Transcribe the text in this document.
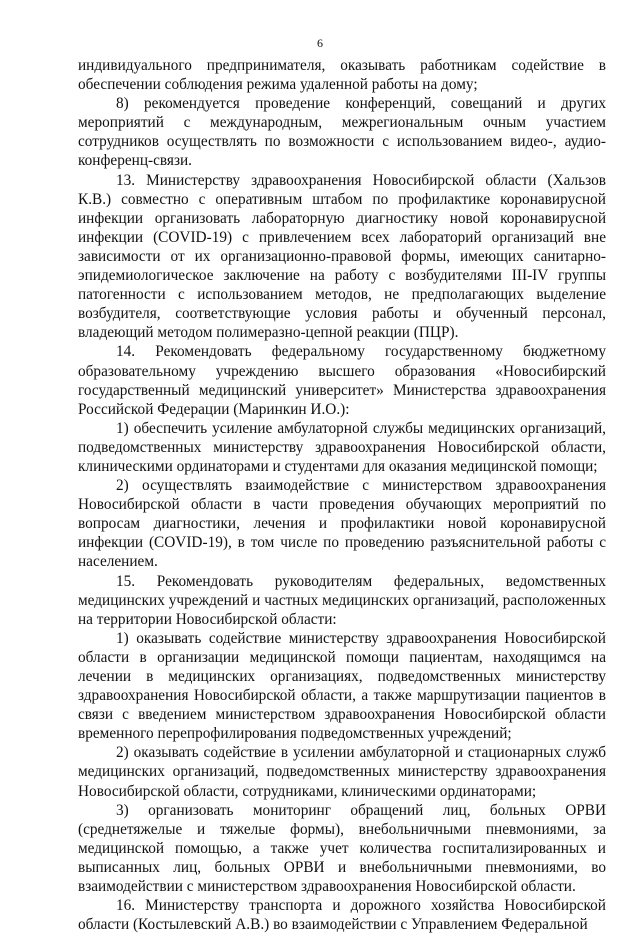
6

индивидуального предпринимателя, оказывать работникам содействие в обеспечении соблюдения режима удаленной работы на дому;

8) рекомендуется проведение конференций, совещаний и других мероприятий с международным, межрегиональным очным участием сотрудников осуществлять по возможности с использованием видео-, аудио-конференц-связи.

13. Министерству здравоохранения Новосибирской области (Хальзов К.В.) совместно с оперативным штабом по профилактике коронавирусной инфекции организовать лабораторную диагностику новой коронавирусной инфекции (COVID-19) с привлечением всех лабораторий организаций вне зависимости от их организационно-правовой формы, имеющих санитарно-эпидемиологическое заключение на работу с возбудителями III-IV группы патогенности с использованием методов, не предполагающих выделение возбудителя, соответствующие условия работы и обученный персонал, владеющий методом полимеразно-цепной реакции (ПЦР).

14. Рекомендовать федеральному государственному бюджетному образовательному учреждению высшего образования «Новосибирский государственный медицинский университет» Министерства здравоохранения Российской Федерации (Маринкин И.О.):

1) обеспечить усиление амбулаторной службы медицинских организаций, подведомственных министерству здравоохранения Новосибирской области, клиническими ординаторами и студентами для оказания медицинской помощи;

2) осуществлять взаимодействие с министерством здравоохранения Новосибирской области в части проведения обучающих мероприятий по вопросам диагностики, лечения и профилактики новой коронавирусной инфекции (COVID-19), в том числе по проведению разъяснительной работы с населением.

15. Рекомендовать руководителям федеральных, ведомственных медицинских учреждений и частных медицинских организаций, расположенных на территории Новосибирской области:

1) оказывать содействие министерству здравоохранения Новосибирской области в организации медицинской помощи пациентам, находящимся на лечении в медицинских организациях, подведомственных министерству здравоохранения Новосибирской области, а также маршрутизации пациентов в связи с введением министерством здравоохранения Новосибирской области временного перепрофилирования подведомственных учреждений;

2) оказывать содействие в усилении амбулаторной и стационарных служб медицинских организаций, подведомственных министерству здравоохранения Новосибирской области, сотрудниками, клиническими ординаторами;

3) организовать мониторинг обращений лиц, больных ОРВИ (среднетяжелые и тяжелые формы), внебольничными пневмониями, за медицинской помощью, а также учет количества госпитализированных и выписанных лиц, больных ОРВИ и внебольничными пневмониями, во взаимодействии с министерством здравоохранения Новосибирской области.

16. Министерству транспорта и дорожного хозяйства Новосибирской области (Костылевский А.В.) во взаимодействии с Управлением Федеральной
